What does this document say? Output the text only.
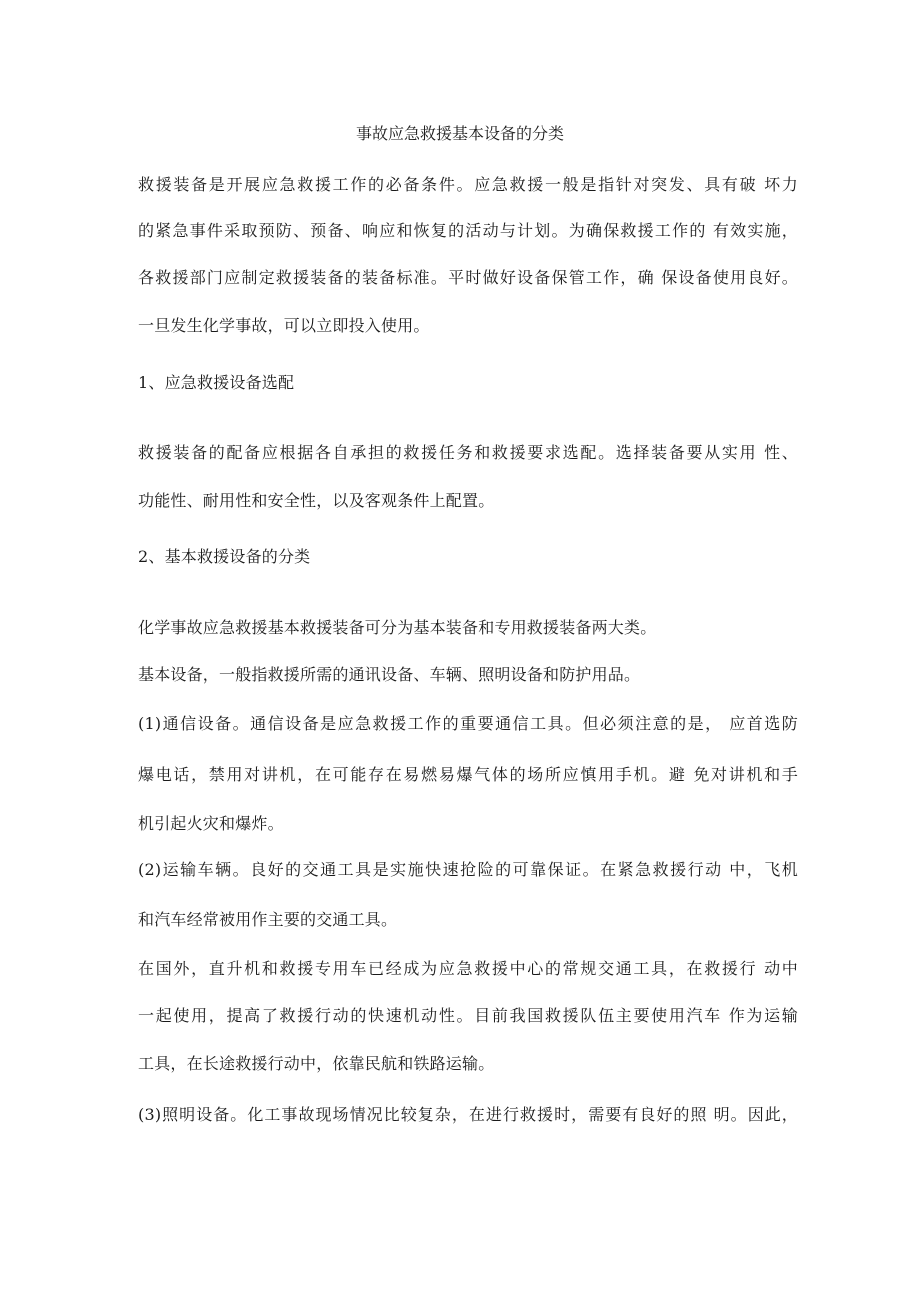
事故应急救援基本设备的分类
救援装备是开展应急救援工作的必备条件。应急救援一般是指针对突发、具有破 坏力
的紧急事件采取预防、预备、响应和恢复的活动与计划。为确保救援工作的 有效实施，
各救援部门应制定救援装备的装备标准。平时做好设备保管工作，确 保设备使用良好。
一旦发生化学事故，可以立即投入使用。
1、应急救援设备选配
救援装备的配备应根据各自承担的救援任务和救援要求选配。选择装备要从实用 性、
功能性、耐用性和安全性，以及客观条件上配置。
2、基本救援设备的分类
化学事故应急救援基本救援装备可分为基本装备和专用救援装备两大类。
基本设备，一般指救援所需的通讯设备、车辆、照明设备和防护用品。
(1)通信设备。通信设备是应急救援工作的重要通信工具。但必须注意的是， 应首选防
爆电话，禁用对讲机，在可能存在易燃易爆气体的场所应慎用手机。避 免对讲机和手
机引起火灾和爆炸。
(2)运输车辆。良好的交通工具是实施快速抢险的可靠保证。在紧急救援行动 中，飞机
和汽车经常被用作主要的交通工具。
在国外，直升机和救援专用车已经成为应急救援中心的常规交通工具，在救援行 动中
一起使用，提高了救援行动的快速机动性。目前我国救援队伍主要使用汽车 作为运输
工具，在长途救援行动中，依靠民航和铁路运输。
(3)照明设备。化工事故现场情况比较复杂，在进行救援时，需要有良好的照 明。因此，
